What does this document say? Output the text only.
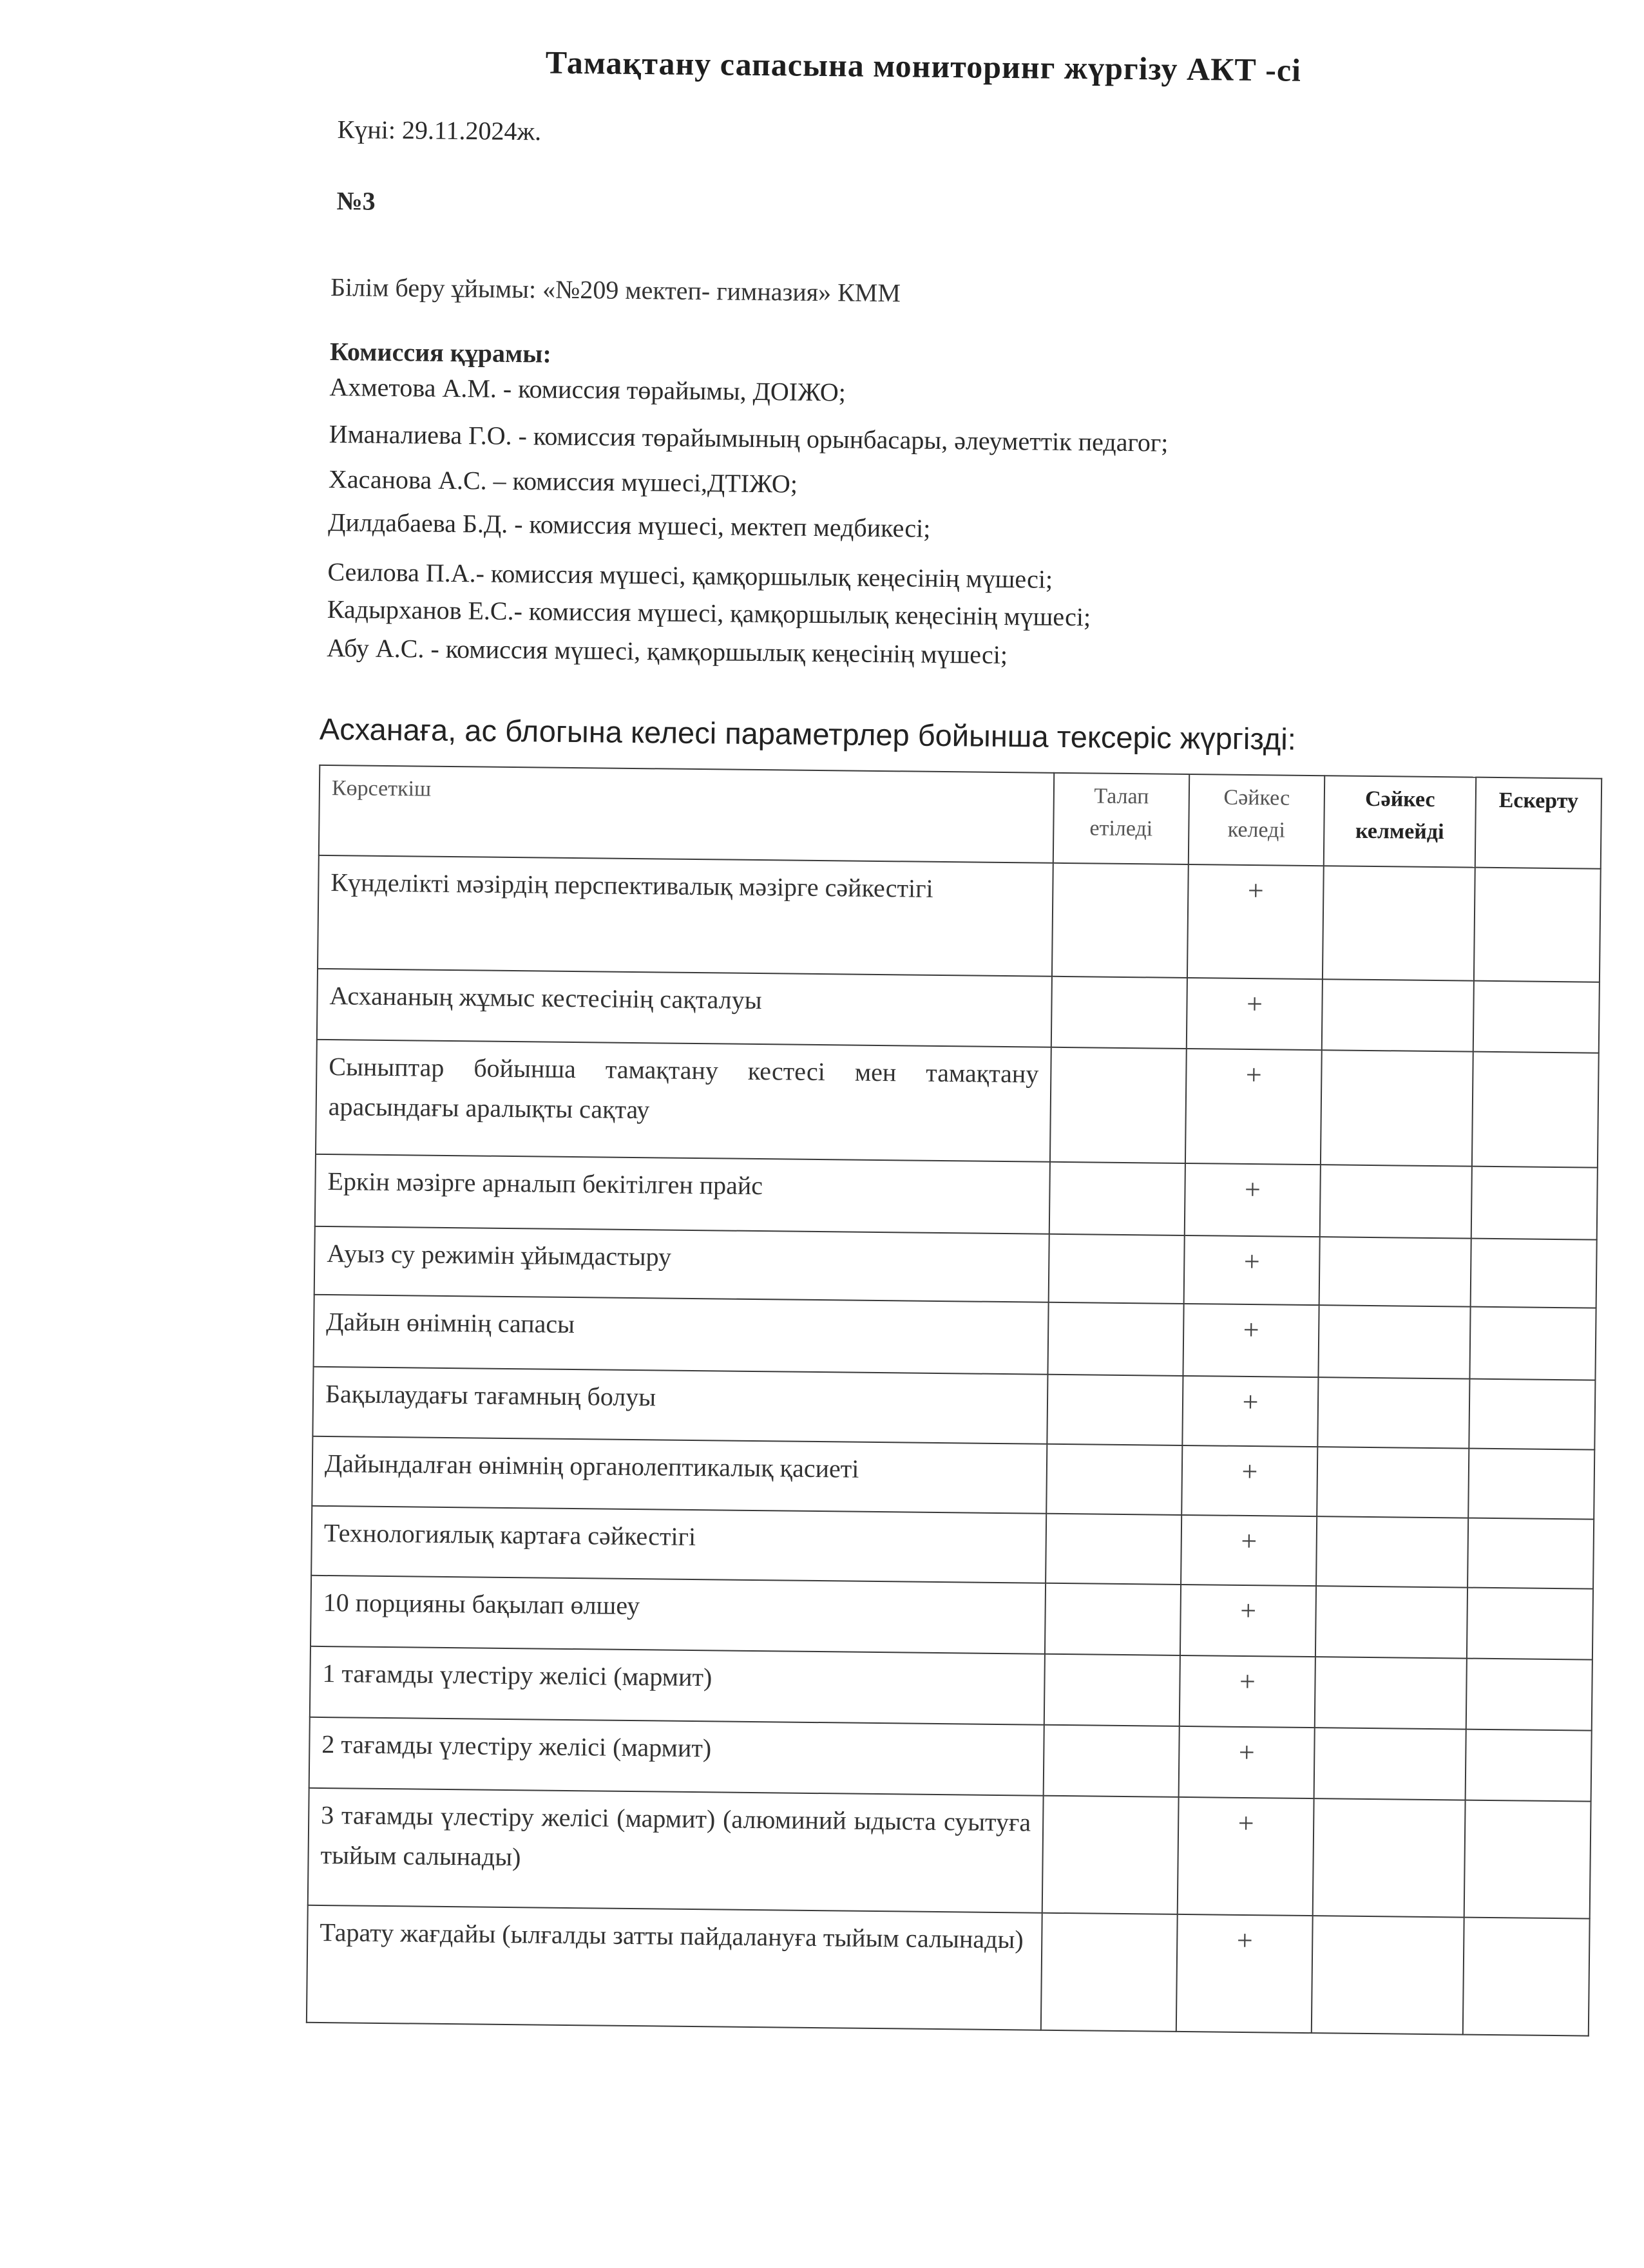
Тамақтану сапасына мониторинг жүргізу АКТ -сі
Күні: 29.11.2024ж.
№3
Білім беру ұйымы: «№209 мектеп- гимназия» КММ
Комиссия құрамы:
Ахметова А.М. - комиссия төрайымы, ДОІЖО;
Иманалиева Г.О. - комиссия төрайымының орынбасары, әлеуметтік педагог;
Хасанова А.С. – комиссия мүшесі,ДТІЖО;
Дилдабаева Б.Д. - комиссия мүшесі, мектеп медбикесі;
Сеилова П.А.- комиссия мүшесі, қамқоршылық кеңесінің мүшесі;
Кадырханов Е.С.- комиссия мүшесі, қамқоршылық кеңесінің мүшесі;
Абу А.С. - комиссия мүшесі, қамқоршылық кеңесінің мүшесі;
Асханаға, ас блогына келесі параметрлер бойынша тексеріс жүргізді:
Көрсеткіш	Талап етіледі	Сәйкес келеді	Сәйкес келмейді	Ескерту
Күнделікті мәзірдің перспективалық мәзірге сәйкестігі		+		
Асхананың жұмыс кестесінің сақталуы		+		
Сыныптар бойынша тамақтану кестесі мен тамақтану арасындағы аралықты сақтау		+		
Еркін мәзірге арналып бекітілген прайс		+		
Ауыз су режимін ұйымдастыру		+		
Дайын өнімнің сапасы		+		
Бақылаудағы тағамның болуы		+		
Дайындалған өнімнің органолептикалық қасиеті		+		
Технологиялық картаға сәйкестігі		+		
10 порцияны бақылап өлшеу		+		
1 тағамды үлестіру желісі (мармит)		+		
2 тағамды үлестіру желісі (мармит)		+		
3 тағамды үлестіру желісі (мармит) (алюминий ыдыста суытуға тыйым салынады)		+		
Тарату жағдайы (ылғалды затты пайдалануға тыйым салынады)		+		
